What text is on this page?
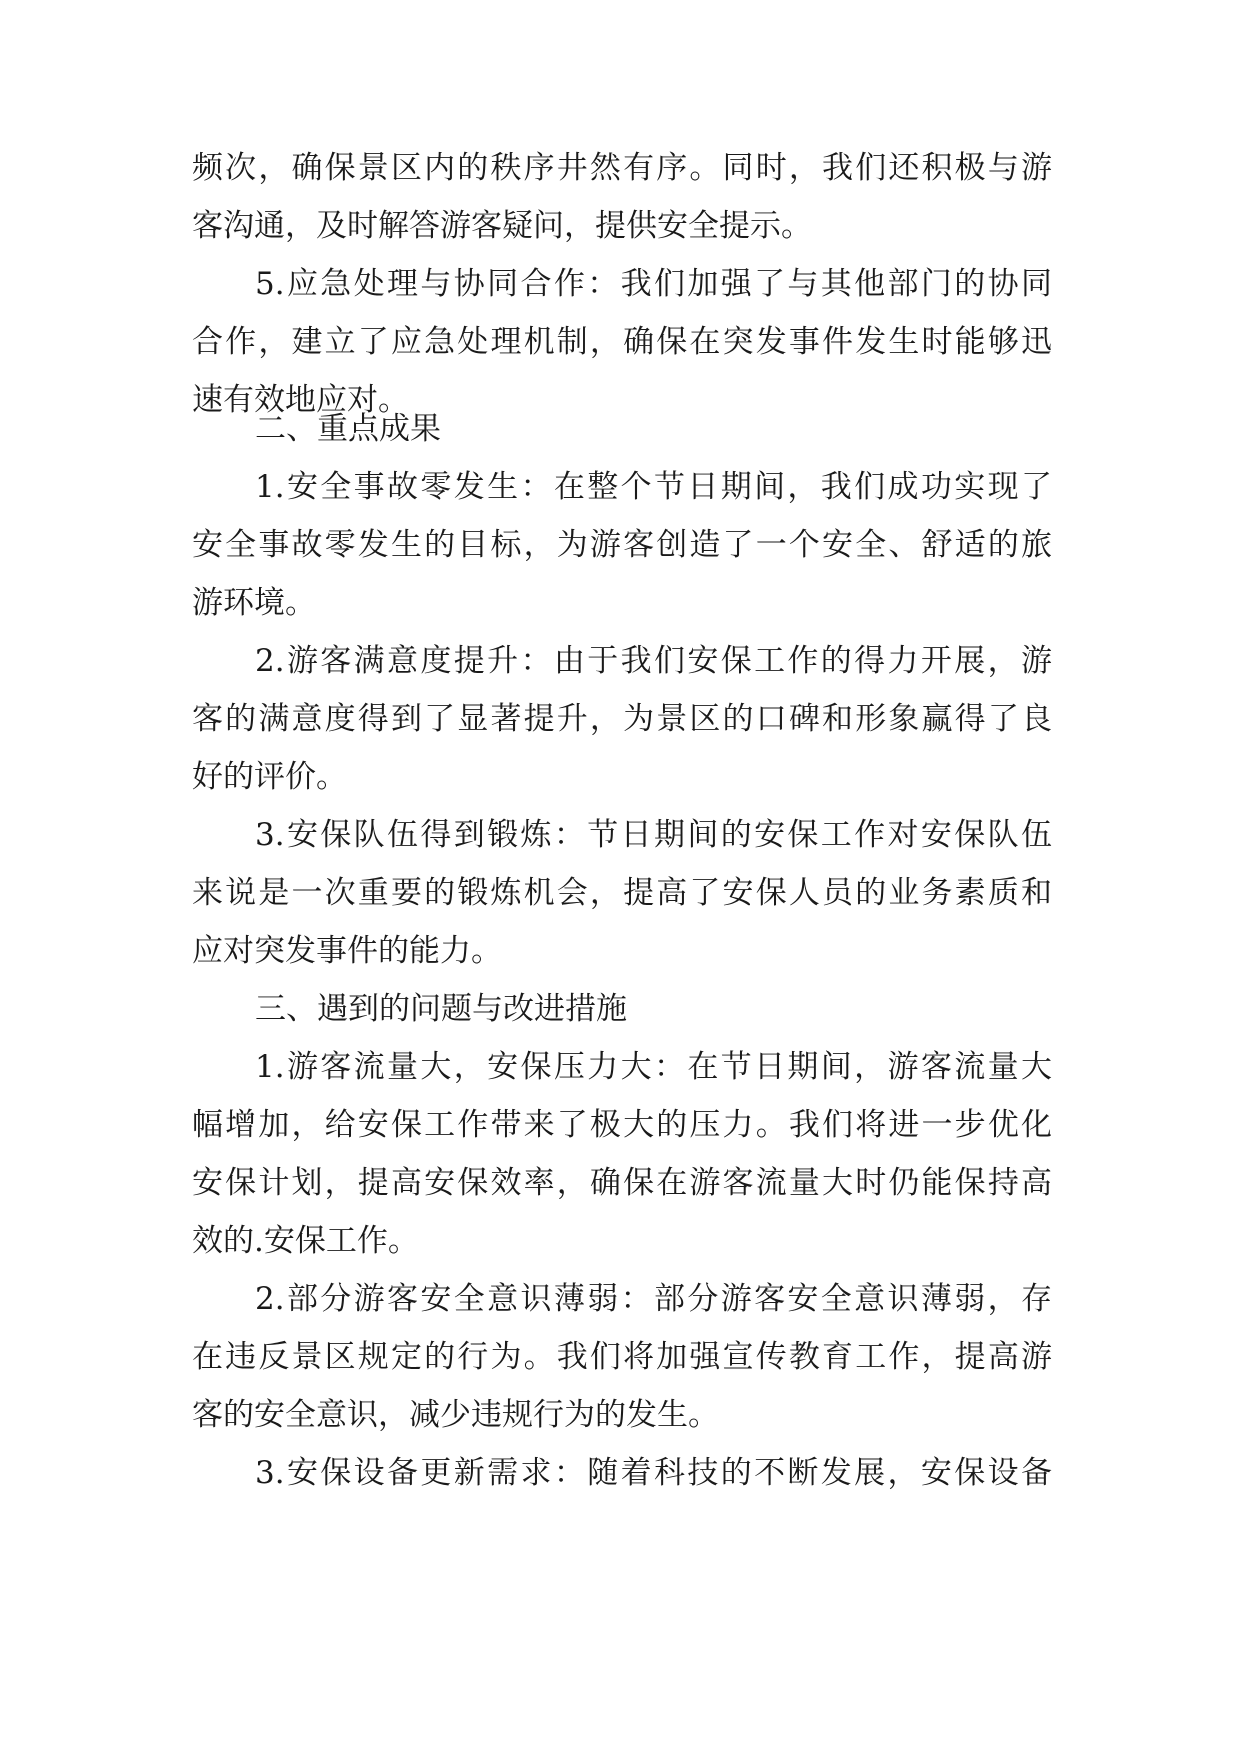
频次，确保景区内的秩序井然有序。同时，我们还积极与游

客沟通，及时解答游客疑问，提供安全提示。

5.应急处理与协同合作：我们加强了与其他部门的协同

合作，建立了应急处理机制，确保在突发事件发生时能够迅

速有效地应对。

二、重点成果

1.安全事故零发生：在整个节日期间，我们成功实现了

安全事故零发生的目标，为游客创造了一个安全、舒适的旅

游环境。

2.游客满意度提升：由于我们安保工作的得力开展，游

客的满意度得到了显著提升，为景区的口碑和形象赢得了良

好的评价。

3.安保队伍得到锻炼：节日期间的安保工作对安保队伍

来说是一次重要的锻炼机会，提高了安保人员的业务素质和

应对突发事件的能力。

三、遇到的问题与改进措施

1.游客流量大，安保压力大：在节日期间，游客流量大

幅增加，给安保工作带来了极大的压力。我们将进一步优化

安保计划，提高安保效率，确保在游客流量大时仍能保持高

效的.安保工作。

2.部分游客安全意识薄弱：部分游客安全意识薄弱，存

在违反景区规定的行为。我们将加强宣传教育工作，提高游

客的安全意识，减少违规行为的发生。

3.安保设备更新需求：随着科技的不断发展，安保设备
